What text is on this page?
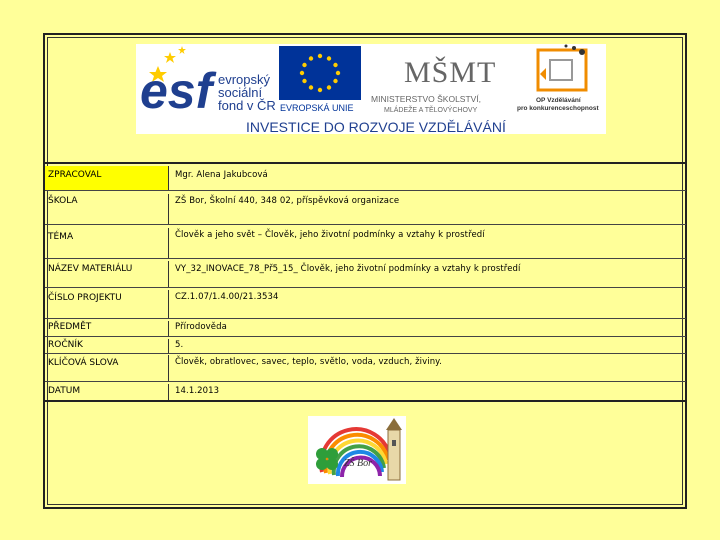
esf evropský
sociální
fond v ČR EVROPSKÁ UNIE
MŠMT
MINISTERSTVO ŠKOLSTVÍ,
MLÁDEŽE A TĚLOVÝCHOVY
OP Vzdělávání
pro konkurenceschopnost
INVESTICE DO ROZVOJE VZDĚLÁVÁNÍ
ZPRACOVAL	Mgr. Alena Jakubcová
ŠKOLA	ZŠ Bor, Školní 440, 348 02, příspěvková organizace
TÉMA	Člověk a jeho svět – Člověk, jeho životní podmínky a vztahy k prostředí
NÁZEV MATERIÁLU	VY_32_INOVACE_78_Př5_15_ Člověk, jeho životní podmínky a vztahy k prostředí
ČÍSLO PROJEKTU	CZ.1.07/1.4.00/21.3534
PŘEDMĚT	Přírodověda
ROČNÍK	5.
KLÍČOVÁ SLOVA	Člověk, obratlovec, savec, teplo, světlo, voda, vzduch, živiny.
DATUM	14.1.2013
ZŠ Bor
